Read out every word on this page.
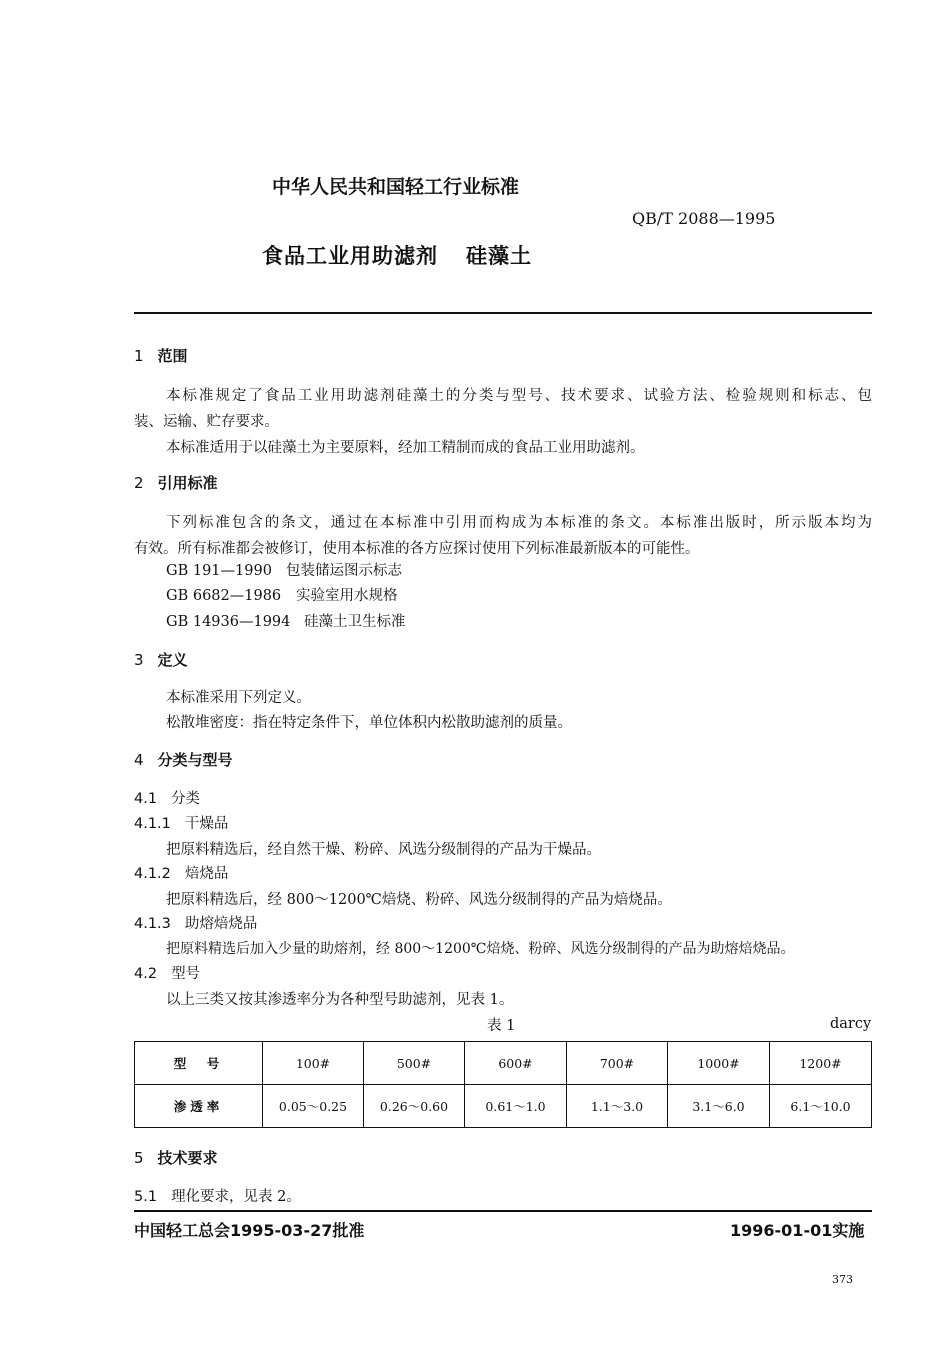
中华人民共和国轻工行业标准
QB/T 2088—1995
食品工业用助滤剂 硅藻土
1 范围
本标准规定了食品工业用助滤剂硅藻土的分类与型号、技术要求、试验方法、检验规则和标志、包
装、运输、贮存要求。
本标准适用于以硅藻土为主要原料，经加工精制而成的食品工业用助滤剂。
2 引用标准
下列标准包含的条文，通过在本标准中引用而构成为本标准的条文。本标准出版时，所示版本均为
有效。所有标准都会被修订，使用本标准的各方应探讨使用下列标准最新版本的可能性。
GB 191—1990 包装储运图示标志
GB 6682—1986 实验室用水规格
GB 14936—1994 硅藻土卫生标准
3 定义
本标准采用下列定义。
松散堆密度：指在特定条件下，单位体积内松散助滤剂的质量。
4 分类与型号
4.1 分类
4.1.1 干燥品
把原料精选后，经自然干燥、粉碎、风选分级制得的产品为干燥品。
4.1.2 焙烧品
把原料精选后，经 800～1200℃焙烧、粉碎、风选分级制得的产品为焙烧品。
4.1.3 助熔焙烧品
把原料精选后加入少量的助熔剂，经 800～1200℃焙烧、粉碎、风选分级制得的产品为助熔焙烧品。
4.2 型号
以上三类又按其渗透率分为各种型号助滤剂，见表 1。
表 1	darcy
型　号	100#	500#	600#	700#	1000#	1200#
渗透率	0.05～0.25	0.26～0.60	0.61～1.0	1.1～3.0	3.1～6.0	6.1～10.0
5 技术要求
5.1 理化要求，见表 2。
中国轻工总会1995-03-27批准	1996-01-01实施
373
